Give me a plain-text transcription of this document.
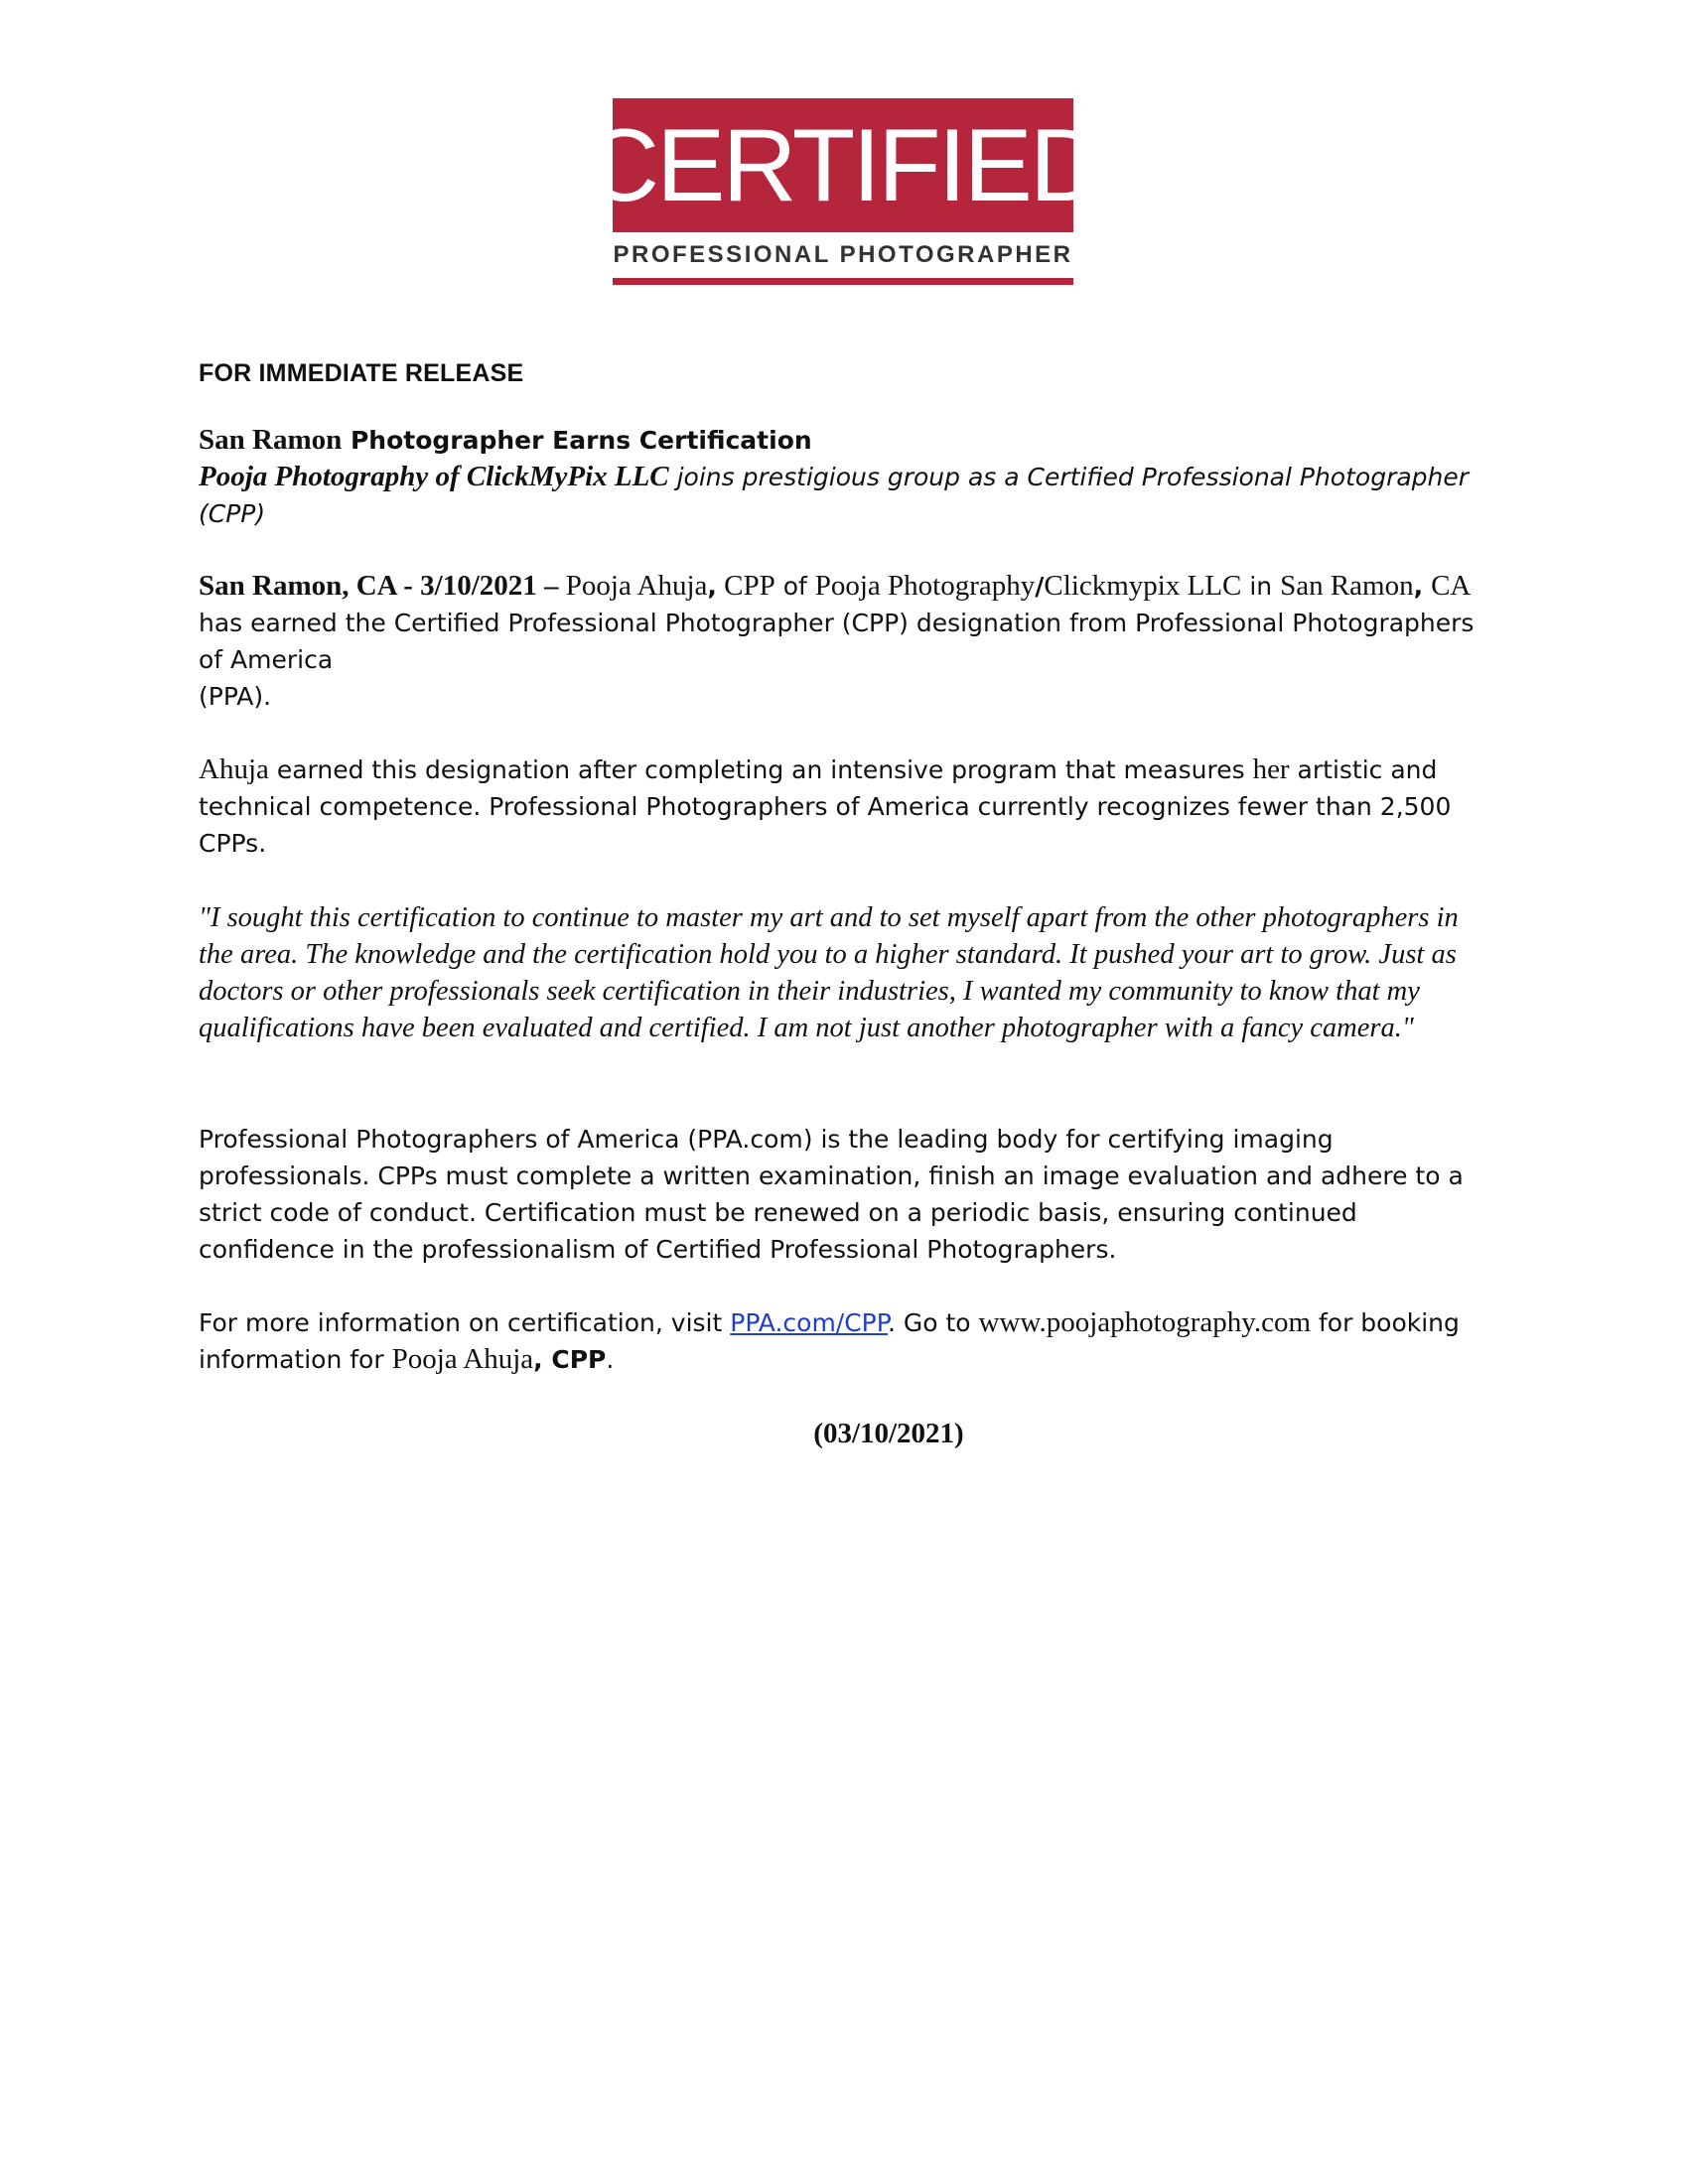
CERTIFIED
PROFESSIONAL PHOTOGRAPHER
FOR IMMEDIATE RELEASE
San Ramon Photographer Earns Certification
Pooja Photography of ClickMyPix LLC joins prestigious group as a Certified Professional Photographer (CPP)
San Ramon, CA - 3/10/2021 – Pooja Ahuja, CPP of Pooja Photography/Clickmypix LLC in San Ramon, CA has earned the Certified Professional Photographer (CPP) designation from Professional Photographers of America
(PPA).
Ahuja earned this designation after completing an intensive program that measures her artistic and technical competence. Professional Photographers of America currently recognizes fewer than 2,500 CPPs.
"I sought this certification to continue to master my art and to set myself apart from the other photographers in the area. The knowledge and the certification hold you to a higher standard. It pushed your art to grow. Just as doctors or other professionals seek certification in their industries, I wanted my community to know that my qualifications have been evaluated and certified. I am not just another photographer with a fancy camera."
Professional Photographers of America (PPA.com) is the leading body for certifying imaging professionals. CPPs must complete a written examination, finish an image evaluation and adhere to a strict code of conduct. Certification must be renewed on a periodic basis, ensuring continued confidence in the professionalism of Certified Professional Photographers.
For more information on certification, visit PPA.com/CPP. Go to www.poojaphotography.com for booking information for Pooja Ahuja, CPP.
(03/10/2021)
